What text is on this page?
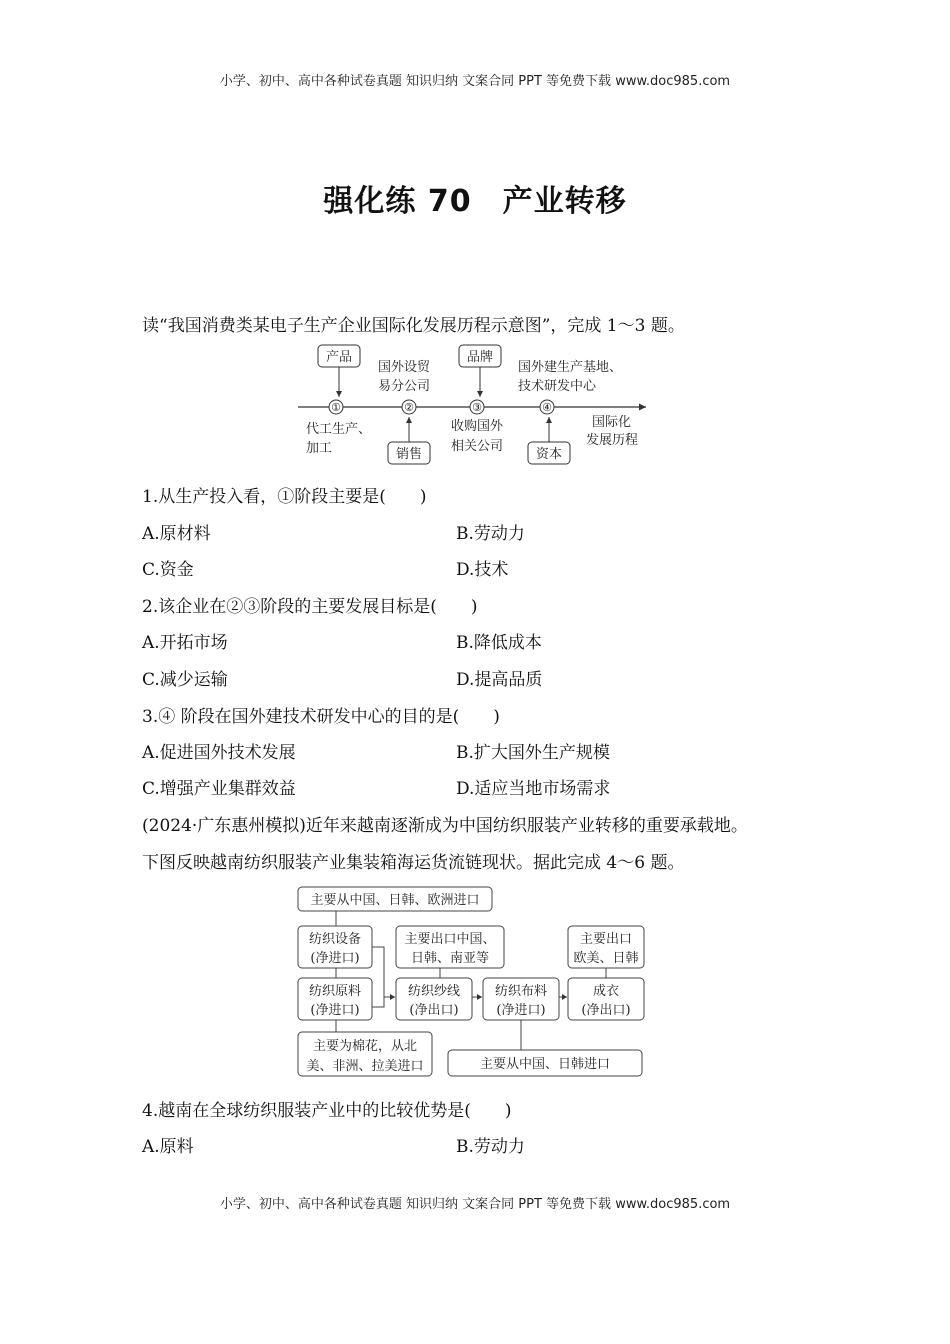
小学、初中、高中各种试卷真题 知识归纳 文案合同 PPT 等免费下载 www.doc985.com
强化练 70　产业转移
读“我国消费类某电子生产企业国际化发展历程示意图”，完成 1～3 题。
①	②	③	④
产品	品牌
国外设贸
易分公司
国外建生产基地、
技术研发中心
代工生产、
加工
收购国外
相关公司
国际化
发展历程
销售	资本
1.从生产投入看，①阶段主要是(　　)
A.原材料	B.劳动力
C.资金	D.技术
2.该企业在②③阶段的主要发展目标是(　　)
A.开拓市场	B.降低成本
C.减少运输	D.提高品质
3.④ 阶段在国外建技术研发中心的目的是(　　)
A.促进国外技术发展	B.扩大国外生产规模
C.增强产业集群效益	D.适应当地市场需求
(2024·广东惠州模拟)近年来越南逐渐成为中国纺织服装产业转移的重要承载地。
下图反映越南纺织服装产业集装箱海运货流链现状。据此完成 4～6 题。
主要从中国、日韩、欧洲进口
纺织设备
(净进口)
纺织原料
(净进口)
主要为棉花，从北
美、非洲、拉美进口
主要出口中国、
日韩、南亚等
纺织纱线
(净出口)
纺织布料
(净进口)
主要出口
欧美、日韩
成衣
(净出口)
主要从中国、日韩进口
4.越南在全球纺织服装产业中的比较优势是(　　)
A.原料	B.劳动力
小学、初中、高中各种试卷真题 知识归纳 文案合同 PPT 等免费下载 www.doc985.com
